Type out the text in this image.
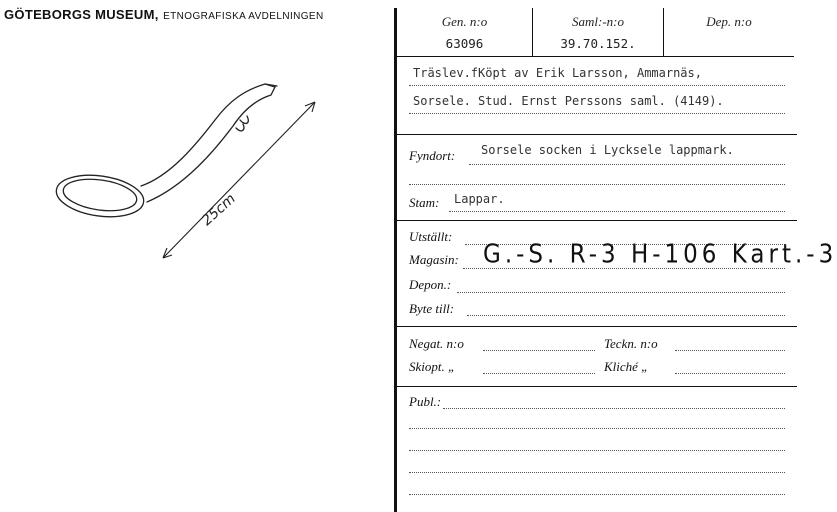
GÖTEBORGS MUSEUM, ETNOGRAFISKA AVDELNINGEN
25cm
Gen. n:o
63096
Saml:-n:o
39.70.152.
Dep. n:o
Träslev.fKöpt av Erik Larsson, Ammarnäs,
Sorsele. Stud. Ernst Perssons saml. (4149).
Fyndort: Sorsele socken i Lycksele lappmark.
Stam: Lappar.
Utställt:
Magasin: G.-S. R-3 H-106 Kart.-3
Depon.:
Byte till:
Negat. n:o	Teckn. n:o
Skiopt. „	Kliché „
Publ.:
